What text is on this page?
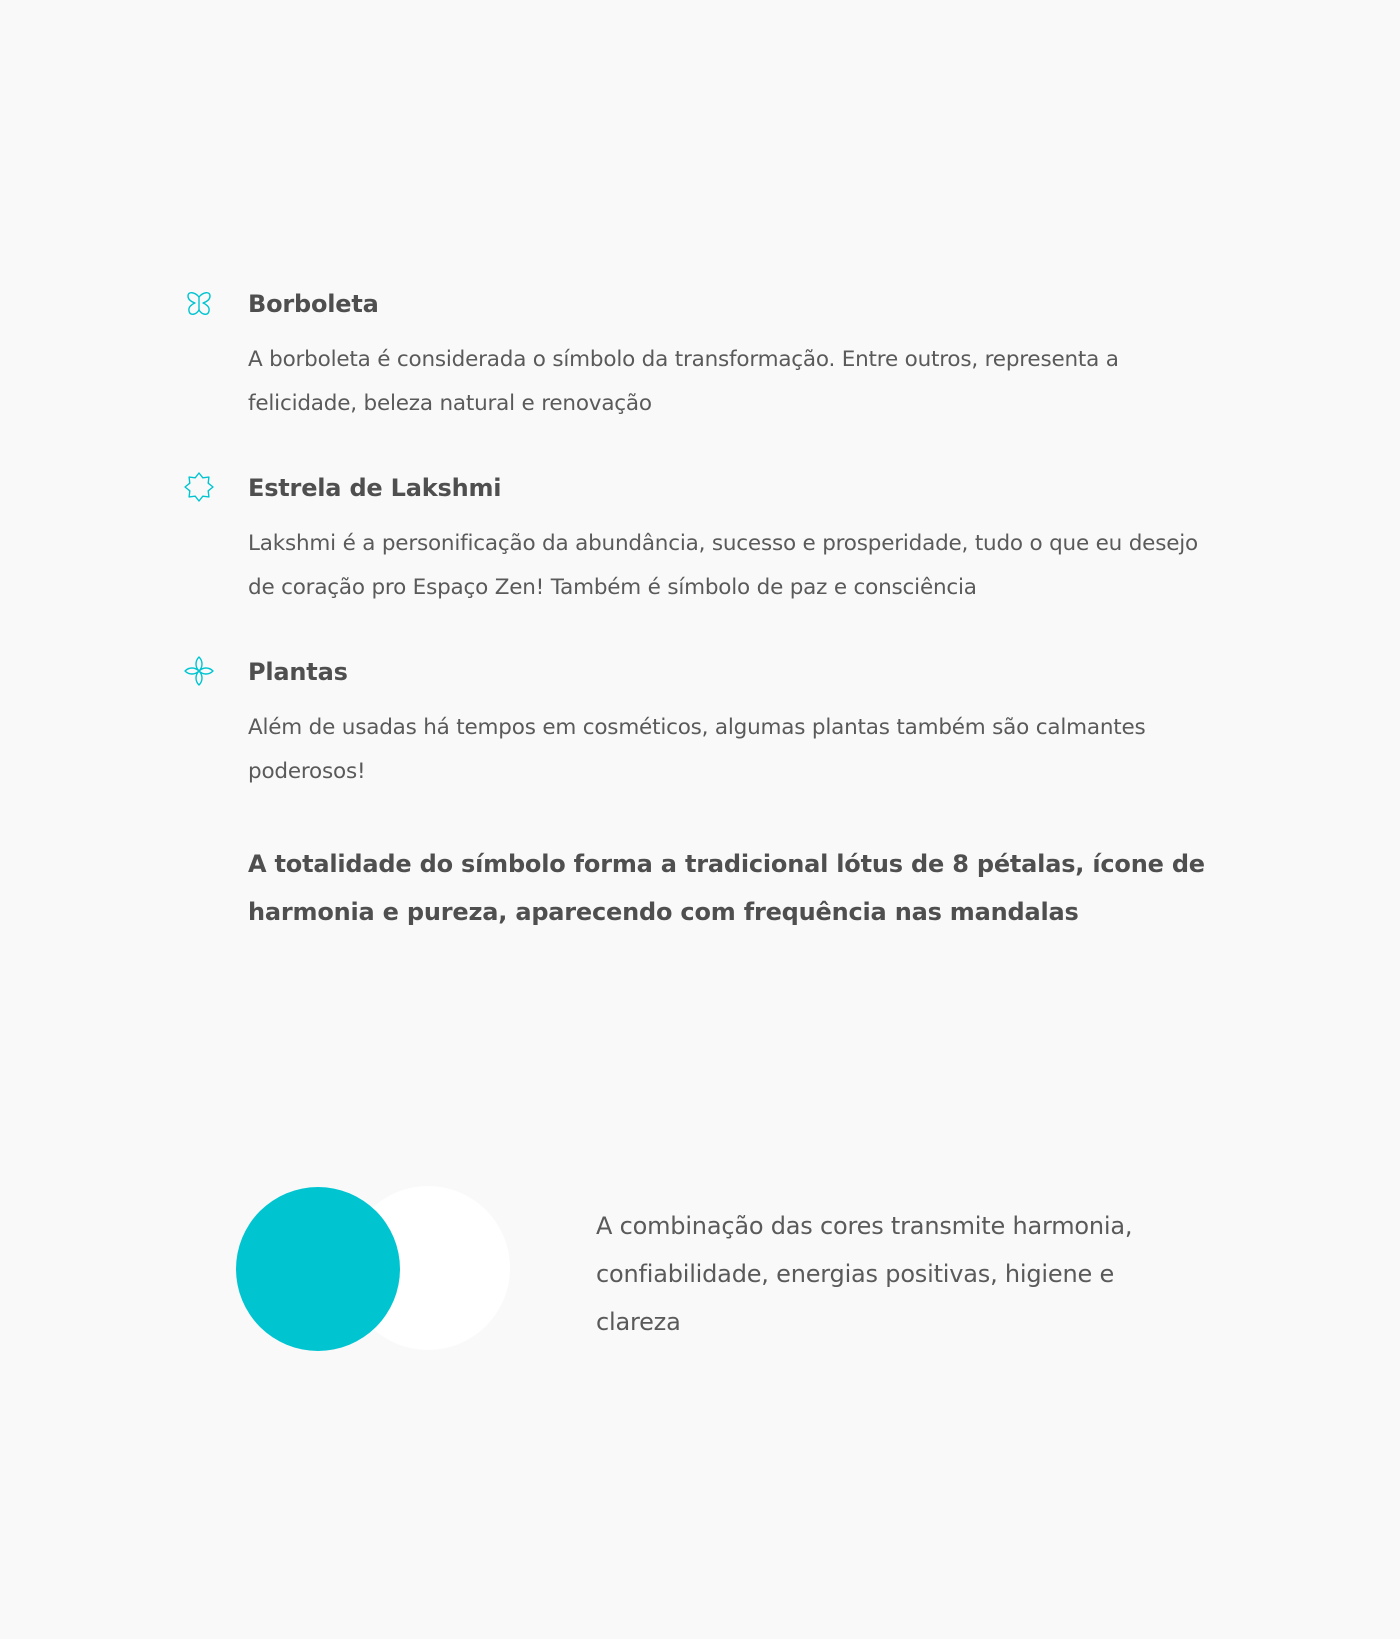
Borboleta

A borboleta é considerada o símbolo da transformação. Entre outros, representa a felicidade, beleza natural e renovação

Estrela de Lakshmi

Lakshmi é a personificação da abundância, sucesso e prosperidade, tudo o que eu desejo de coração pro Espaço Zen! Também é símbolo de paz e consciência

Plantas

Além de usadas há tempos em cosméticos, algumas plantas também são calmantes poderosos!

A totalidade do símbolo forma a tradicional lótus de 8 pétalas, ícone de harmonia e pureza, aparecendo com frequência nas mandalas

A combinação das cores transmite harmonia, confiabilidade, energias positivas, higiene e clareza
